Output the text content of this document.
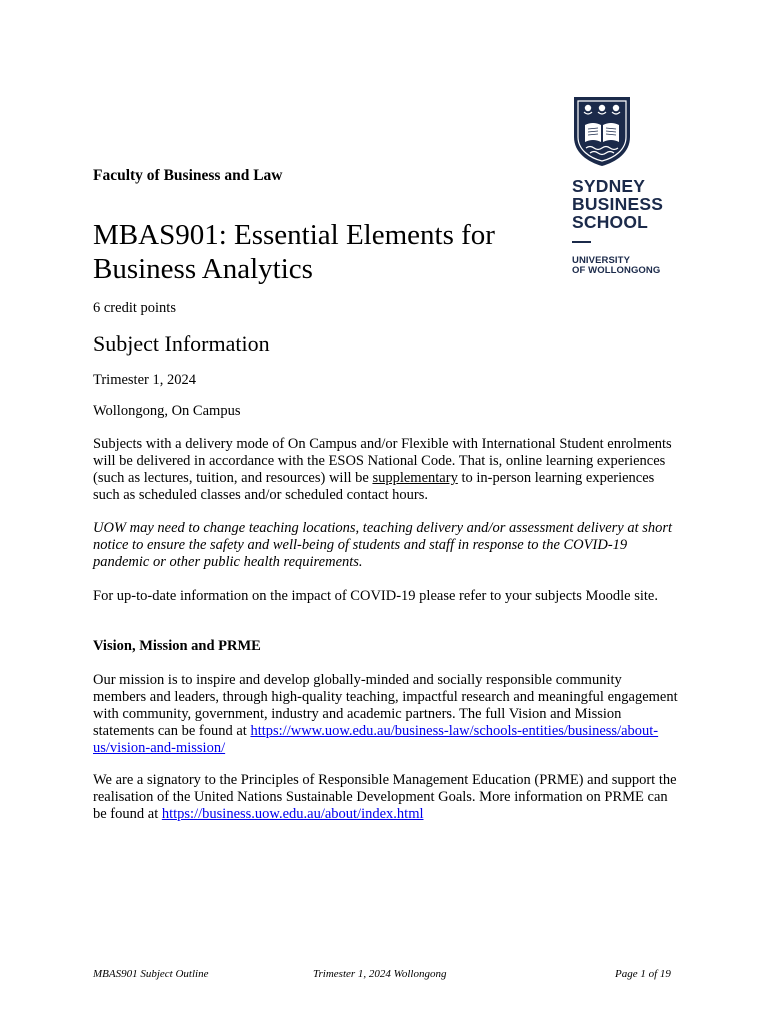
SYDNEY
BUSINESS
SCHOOL
UNIVERSITY
OF WOLLONGONG
Faculty of Business and Law
MBAS901: Essential Elements for Business Analytics
6 credit points
Subject Information
Trimester 1, 2024
Wollongong, On Campus

Subjects with a delivery mode of On Campus and/or Flexible with International Student enrolments will be delivered in accordance with the ESOS National Code. That is, online learning experiences (such as lectures, tuition, and resources) will be supplementary to in-person learning experiences such as scheduled classes and/or scheduled contact hours.

UOW may need to change teaching locations, teaching delivery and/or assessment delivery at short notice to ensure the safety and well-being of students and staff in response to the COVID-19 pandemic or other public health requirements.

For up-to-date information on the impact of COVID-19 please refer to your subjects Moodle site.

Vision, Mission and PRME

Our mission is to inspire and develop globally-minded and socially responsible community members and leaders, through high-quality teaching, impactful research and meaningful engagement with community, government, industry and academic partners. The full Vision and Mission statements can be found at https://www.uow.edu.au/business-law/schools-entities/business/about-us/vision-and-mission/

We are a signatory to the Principles of Responsible Management Education (PRME) and support the realisation of the United Nations Sustainable Development Goals. More information on PRME can be found at https://business.uow.edu.au/about/index.html

MBAS901 Subject Outline	Trimester 1, 2024 Wollongong	Page 1 of 19
